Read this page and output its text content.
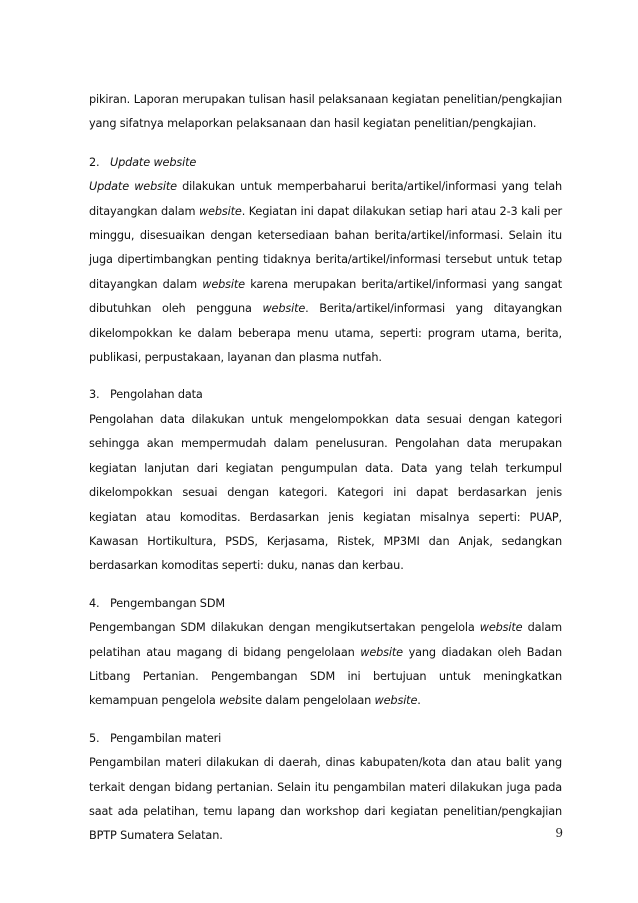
pikiran. Laporan merupakan tulisan hasil pelaksanaan kegiatan penelitian/pengkajian yang sifatnya melaporkan pelaksanaan dan hasil kegiatan penelitian/pengkajian.

2. Update website

Update website dilakukan untuk memperbaharui berita/artikel/informasi yang telah ditayangkan dalam website. Kegiatan ini dapat dilakukan setiap hari atau 2-3 kali per minggu, disesuaikan dengan ketersediaan bahan berita/artikel/informasi. Selain itu juga dipertimbangkan penting tidaknya berita/artikel/informasi tersebut untuk tetap ditayangkan dalam website karena merupakan berita/artikel/informasi yang sangat dibutuhkan oleh pengguna website. Berita/artikel/informasi yang ditayangkan dikelompokkan ke dalam beberapa menu utama, seperti: program utama, berita, publikasi, perpustakaan, layanan dan plasma nutfah.

3. Pengolahan data

Pengolahan data dilakukan untuk mengelompokkan data sesuai dengan kategori sehingga akan mempermudah dalam penelusuran. Pengolahan data merupakan kegiatan lanjutan dari kegiatan pengumpulan data. Data yang telah terkumpul dikelompokkan sesuai dengan kategori. Kategori ini dapat berdasarkan jenis kegiatan atau komoditas. Berdasarkan jenis kegiatan misalnya seperti: PUAP, Kawasan Hortikultura, PSDS, Kerjasama, Ristek, MP3MI dan Anjak, sedangkan berdasarkan komoditas seperti: duku, nanas dan kerbau.

4. Pengembangan SDM

Pengembangan SDM dilakukan dengan mengikutsertakan pengelola website dalam pelatihan atau magang di bidang pengelolaan website yang diadakan oleh Badan Litbang Pertanian. Pengembangan SDM ini bertujuan untuk meningkatkan kemampuan pengelola website dalam pengelolaan website.

5. Pengambilan materi

Pengambilan materi dilakukan di daerah, dinas kabupaten/kota dan atau balit yang terkait dengan bidang pertanian. Selain itu pengambilan materi dilakukan juga pada saat ada pelatihan, temu lapang dan workshop dari kegiatan penelitian/pengkajian BPTP Sumatera Selatan.	9
